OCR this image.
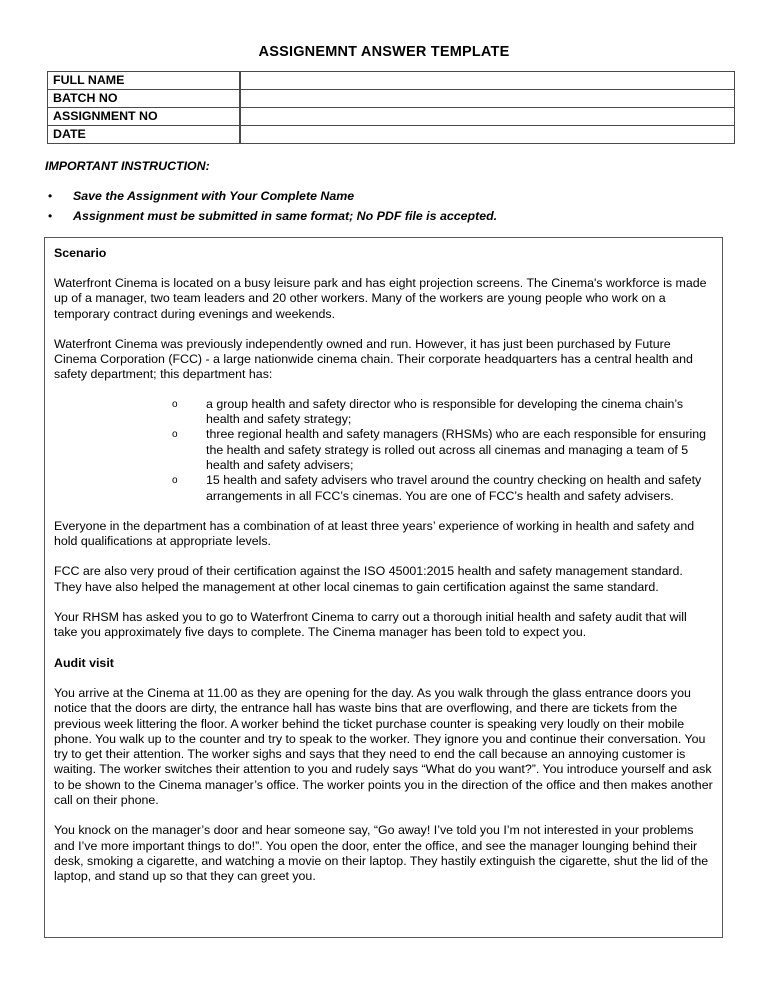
ASSIGNEMNT ANSWER TEMPLATE
FULL NAME	
BATCH NO	
ASSIGNMENT NO	
DATE	
IMPORTANT INSTRUCTION:
• Save the Assignment with Your Complete Name
• Assignment must be submitted in same format; No PDF file is accepted.
Scenario

Waterfront Cinema is located on a busy leisure park and has eight projection screens. The Cinema's workforce is made up of a manager, two team leaders and 20 other workers. Many of the workers are young people who work on a temporary contract during evenings and weekends.

Waterfront Cinema was previously independently owned and run. However, it has just been purchased by Future Cinema Corporation (FCC) - a large nationwide cinema chain. Their corporate headquarters has a central health and safety department; this department has:

o a group health and safety director who is responsible for developing the cinema chain’s health and safety strategy;
o three regional health and safety managers (RHSMs) who are each responsible for ensuring the health and safety strategy is rolled out across all cinemas and managing a team of 5 health and safety advisers;
o 15 health and safety advisers who travel around the country checking on health and safety arrangements in all FCC’s cinemas. You are one of FCC’s health and safety advisers.

Everyone in the department has a combination of at least three years’ experience of working in health and safety and hold qualifications at appropriate levels.

FCC are also very proud of their certification against the ISO 45001:2015 health and safety management standard. They have also helped the management at other local cinemas to gain certification against the same standard.

Your RHSM has asked you to go to Waterfront Cinema to carry out a thorough initial health and safety audit that will take you approximately five days to complete. The Cinema manager has been told to expect you.

Audit visit

You arrive at the Cinema at 11.00 as they are opening for the day. As you walk through the glass entrance doors you notice that the doors are dirty, the entrance hall has waste bins that are overflowing, and there are tickets from the previous week littering the floor. A worker behind the ticket purchase counter is speaking very loudly on their mobile phone. You walk up to the counter and try to speak to the worker. They ignore you and continue their conversation. You try to get their attention. The worker sighs and says that they need to end the call because an annoying customer is waiting. The worker switches their attention to you and rudely says “What do you want?”. You introduce yourself and ask to be shown to the Cinema manager’s office. The worker points you in the direction of the office and then makes another call on their phone.

You knock on the manager’s door and hear someone say, “Go away! I’ve told you I’m not interested in your problems and I’ve more important things to do!”. You open the door, enter the office, and see the manager lounging behind their desk, smoking a cigarette, and watching a movie on their laptop. They hastily extinguish the cigarette, shut the lid of the laptop, and stand up so that they can greet you.
